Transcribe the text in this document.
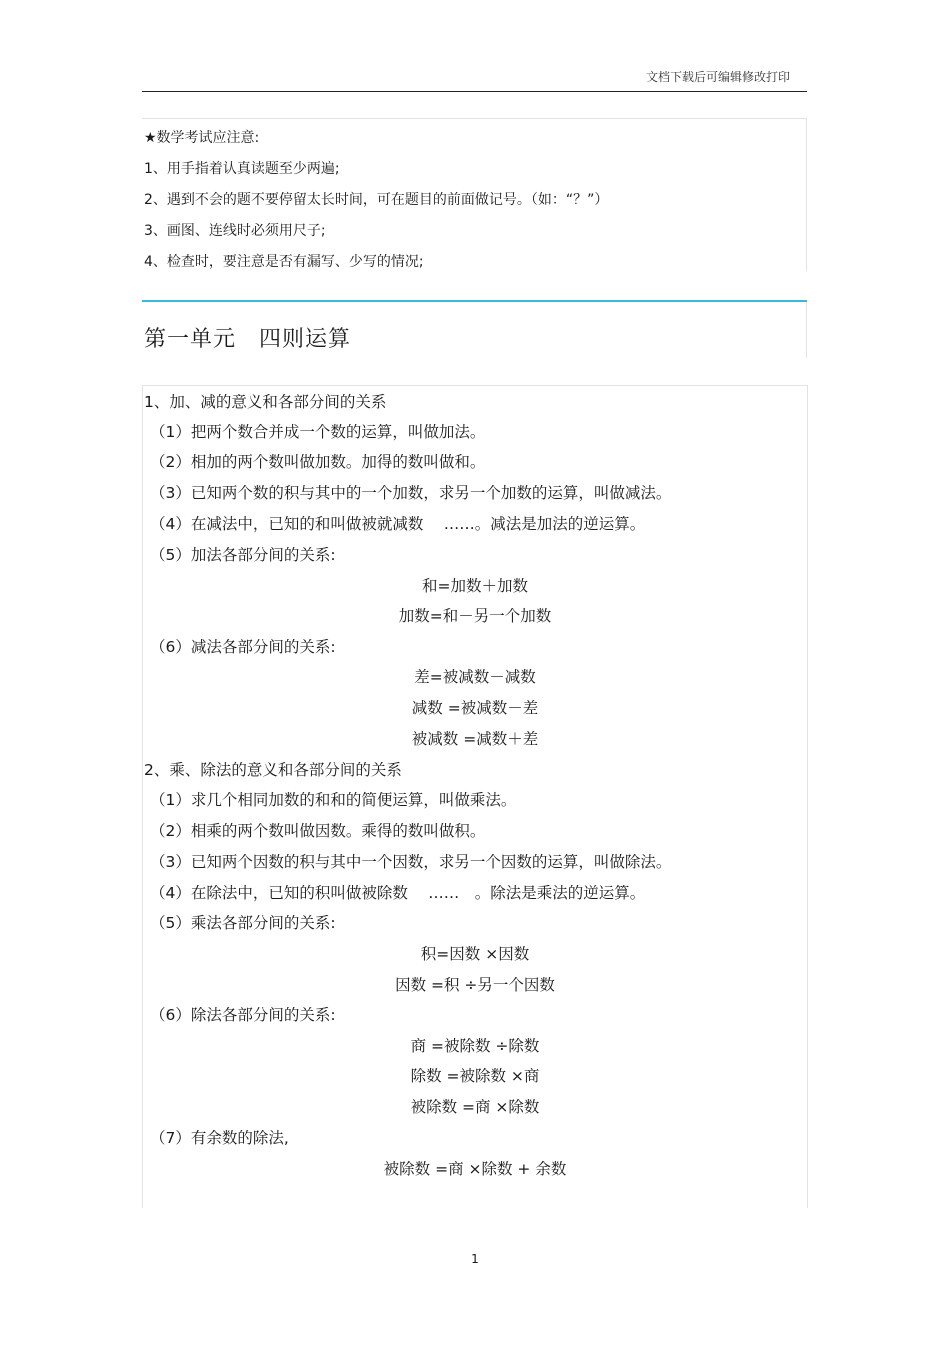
文档下载后可编辑修改打印
★数学考试应注意:
1、用手指着认真读题至少两遍;
2、遇到不会的题不要停留太长时间，可在题目的前面做记号。（如：“？”）
3、画图、连线时必须用尺子;
4、检查时，要注意是否有漏写、少写的情况;
第一单元　四则运算
1、加、减的意义和各部分间的关系
（1）把两个数合并成一个数的运算，叫做加法。
（2）相加的两个数叫做加数。加得的数叫做和。
（3）已知两个数的积与其中的一个加数，求另一个加数的运算，叫做减法。
（4）在减法中，已知的和叫做被就减数　 ……。减法是加法的逆运算。
（5）加法各部分间的关系:
和=加数＋加数
加数=和－另一个加数
（6）减法各部分间的关系:
差=被减数－减数
减数 =被减数－差
被减数 =减数＋差
2、乘、除法的意义和各部分间的关系
（1）求几个相同加数的和和的简便运算，叫做乘法。
（2）相乘的两个数叫做因数。乘得的数叫做积。
（3）已知两个因数的积与其中一个因数，求另一个因数的运算，叫做除法。
（4）在除法中，已知的积叫做被除数　 ……　。除法是乘法的逆运算。
（5）乘法各部分间的关系:
积=因数 ×因数
因数 =积 ÷另一个因数
（6）除法各部分间的关系:
商 =被除数 ÷除数
除数 =被除数 ×商
被除数 =商 ×除数
（7）有余数的除法,
被除数 =商 ×除数 + 余数
1
